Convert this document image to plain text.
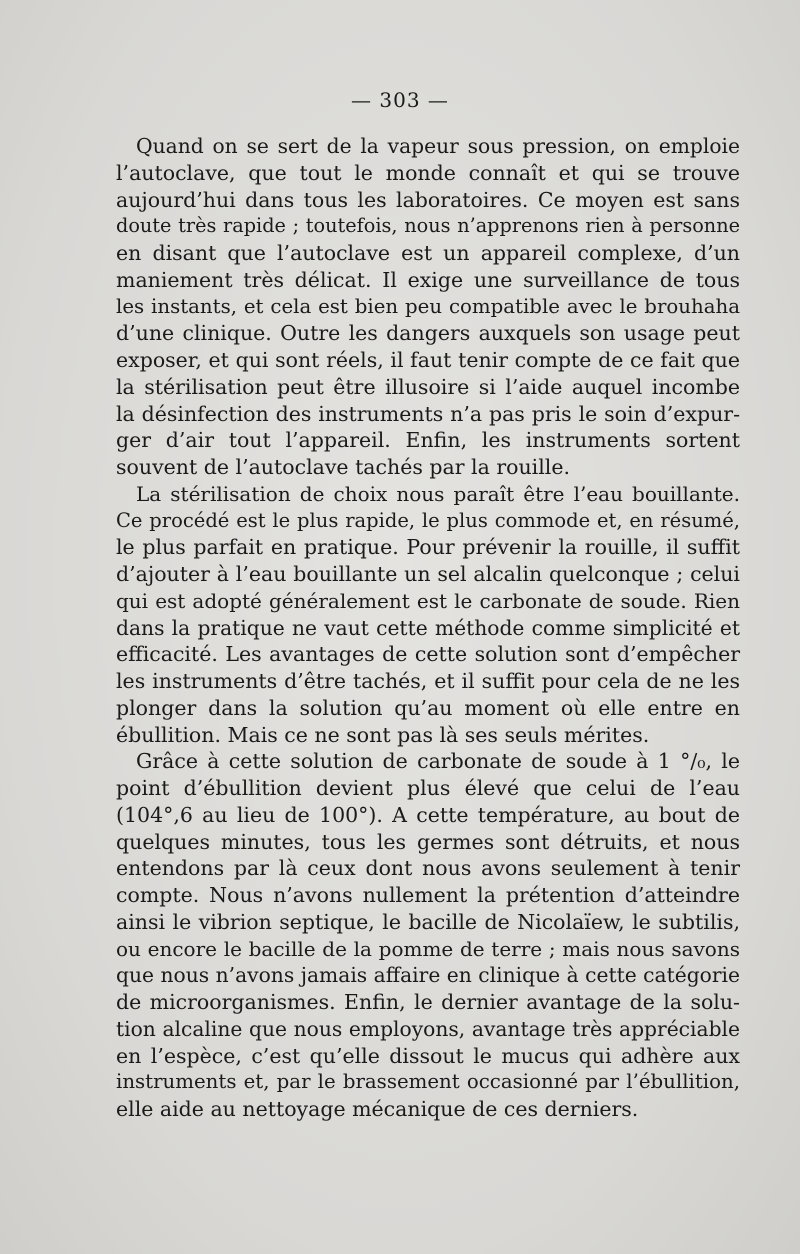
— 303 —
Quand on se sert de la vapeur sous pression, on emploie
l’autoclave, que tout le monde connaît et qui se trouve
aujourd’hui dans tous les laboratoires. Ce moyen est sans
doute très rapide ; toutefois, nous n’apprenons rien à personne
en disant que l’autoclave est un appareil complexe, d’un
maniement très délicat. Il exige une surveillance de tous
les instants, et cela est bien peu compatible avec le brouhaha
d’une clinique. Outre les dangers auxquels son usage peut
exposer, et qui sont réels, il faut tenir compte de ce fait que
la stérilisation peut être illusoire si l’aide auquel incombe
la désinfection des instruments n’a pas pris le soin d’expur-
ger d’air tout l’appareil. Enfin, les instruments sortent
souvent de l’autoclave tachés par la rouille.
La stérilisation de choix nous paraît être l’eau bouillante.
Ce procédé est le plus rapide, le plus commode et, en résumé,
le plus parfait en pratique. Pour prévenir la rouille, il suffit
d’ajouter à l’eau bouillante un sel alcalin quelconque ; celui
qui est adopté généralement est le carbonate de soude. Rien
dans la pratique ne vaut cette méthode comme simplicité et
efficacité. Les avantages de cette solution sont d’empêcher
les instruments d’être tachés, et il suffit pour cela de ne les
plonger dans la solution qu’au moment où elle entre en
ébullition. Mais ce ne sont pas là ses seuls mérites.
Grâce à cette solution de carbonate de soude à 1 °/₀, le
point d’ébullition devient plus élevé que celui de l’eau
(104°,6 au lieu de 100°). A cette température, au bout de
quelques minutes, tous les germes sont détruits, et nous
entendons par là ceux dont nous avons seulement à tenir
compte. Nous n’avons nullement la prétention d’atteindre
ainsi le vibrion septique, le bacille de Nicolaïew, le subtilis,
ou encore le bacille de la pomme de terre ; mais nous savons
que nous n’avons jamais affaire en clinique à cette catégorie
de microorganismes. Enfin, le dernier avantage de la solu-
tion alcaline que nous employons, avantage très appréciable
en l’espèce, c’est qu’elle dissout le mucus qui adhère aux
instruments et, par le brassement occasionné par l’ébullition,
elle aide au nettoyage mécanique de ces derniers.
